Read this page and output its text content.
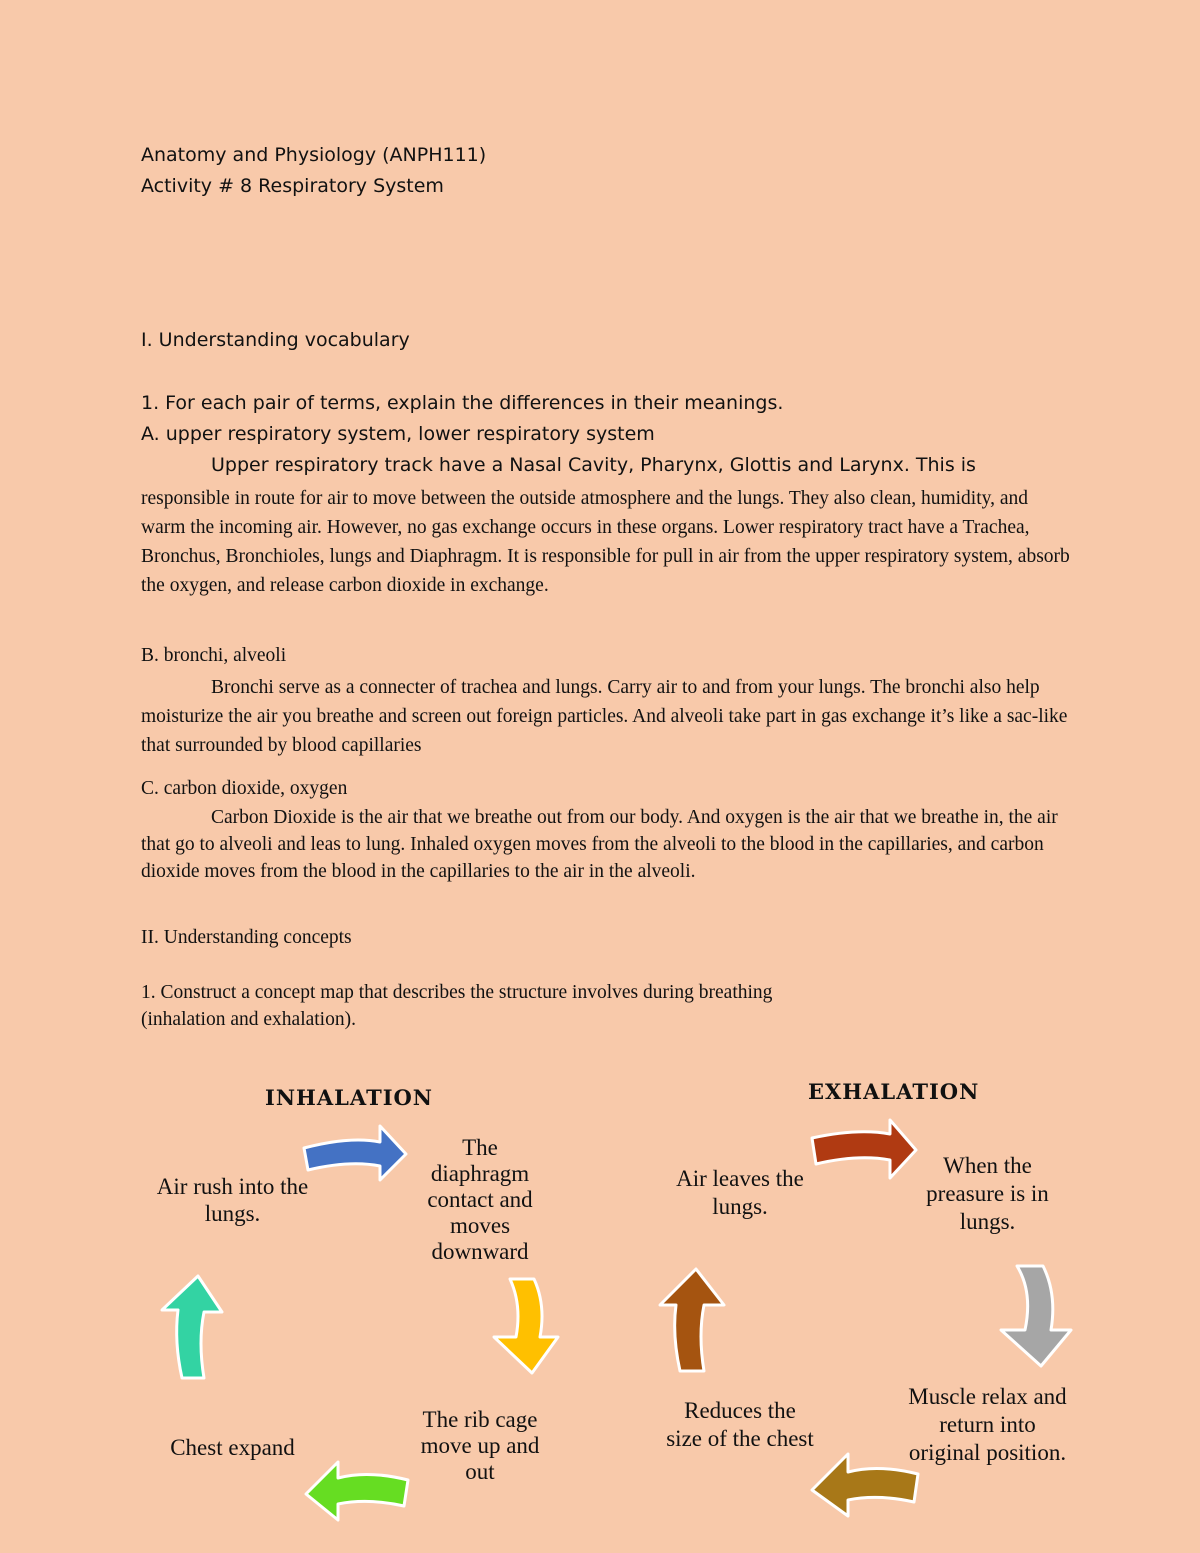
Anatomy and Physiology (ANPH111)
Activity # 8 Respiratory System
I. Understanding vocabulary
1. For each pair of terms, explain the differences in their meanings.
A. upper respiratory system, lower respiratory system
Upper respiratory track have a Nasal Cavity, Pharynx, Glottis and Larynx. This is

responsible in route for air to move between the outside atmosphere and the lungs. They also clean, humidity, and warm the incoming air. However, no gas exchange occurs in these organs. Lower respiratory tract have a Trachea, Bronchus, Bronchioles, lungs and Diaphragm. It is responsible for pull in air from the upper respiratory system, absorb the oxygen, and release carbon dioxide in exchange.

B. bronchi, alveoli

Bronchi serve as a connecter of trachea and lungs. Carry air to and from your lungs. The bronchi also help moisturize the air you breathe and screen out foreign particles. And alveoli take part in gas exchange it’s like a sac-like that surrounded by blood capillaries

C. carbon dioxide, oxygen

Carbon Dioxide is the air that we breathe out from our body. And oxygen is the air that we breathe in, the air that go to alveoli and leas to lung. Inhaled oxygen moves from the alveoli to the blood in the capillaries, and carbon dioxide moves from the blood in the capillaries to the air in the alveoli.

II. Understanding concepts
1. Construct a concept map that describes the structure involves during breathing
(inhalation and exhalation).
INHALATION
Air rush into the lungs.
The diaphragm contact and moves downward
The rib cage move up and out
Chest expand
EXHALATION
Air leaves the lungs.
When the preasure is in lungs.
Muscle relax and return into original position.
Reduces the size of the chest
